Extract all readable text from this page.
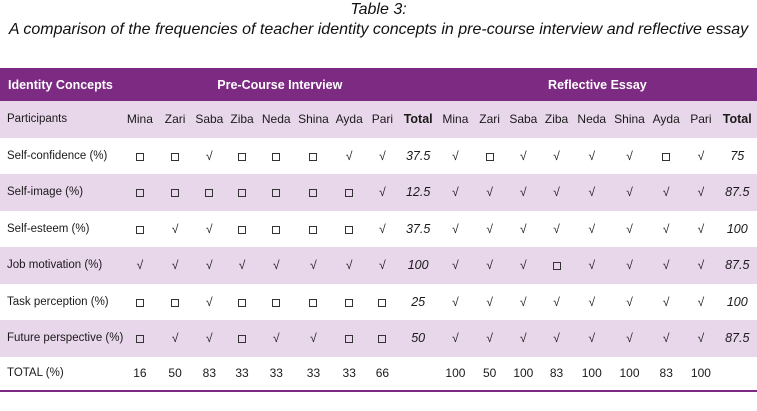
Table 3:
A comparison of the frequencies of teacher identity concepts in pre-course interview and reflective essay
Identity Concepts	Pre-Course Interview									Reflective Essay								
Participants	Mina	Zari	Saba	Ziba	Neda	Shina	Ayda	Pari	Total	Mina	Zari	Saba	Ziba	Neda	Shina	Ayda	Pari	Total
Self-confidence (%)			√				√	√	37.5	√		√	√	√	√		√	75
Self-image (%)								√	12.5	√	√	√	√	√	√	√	√	87.5
Self-esteem (%)		√	√					√	37.5	√	√	√	√	√	√	√	√	100
Job motivation (%)	√	√	√	√	√	√	√	√	100	√	√	√		√	√	√	√	87.5
Task perception (%)			√						25	√	√	√	√	√	√	√	√	100
Future perspective (%)		√	√		√	√			50	√	√	√	√	√	√	√	√	87.5
TOTAL (%)	16	50	83	33	33	33	33	66		100	50	100	83	100	100	83	100	
